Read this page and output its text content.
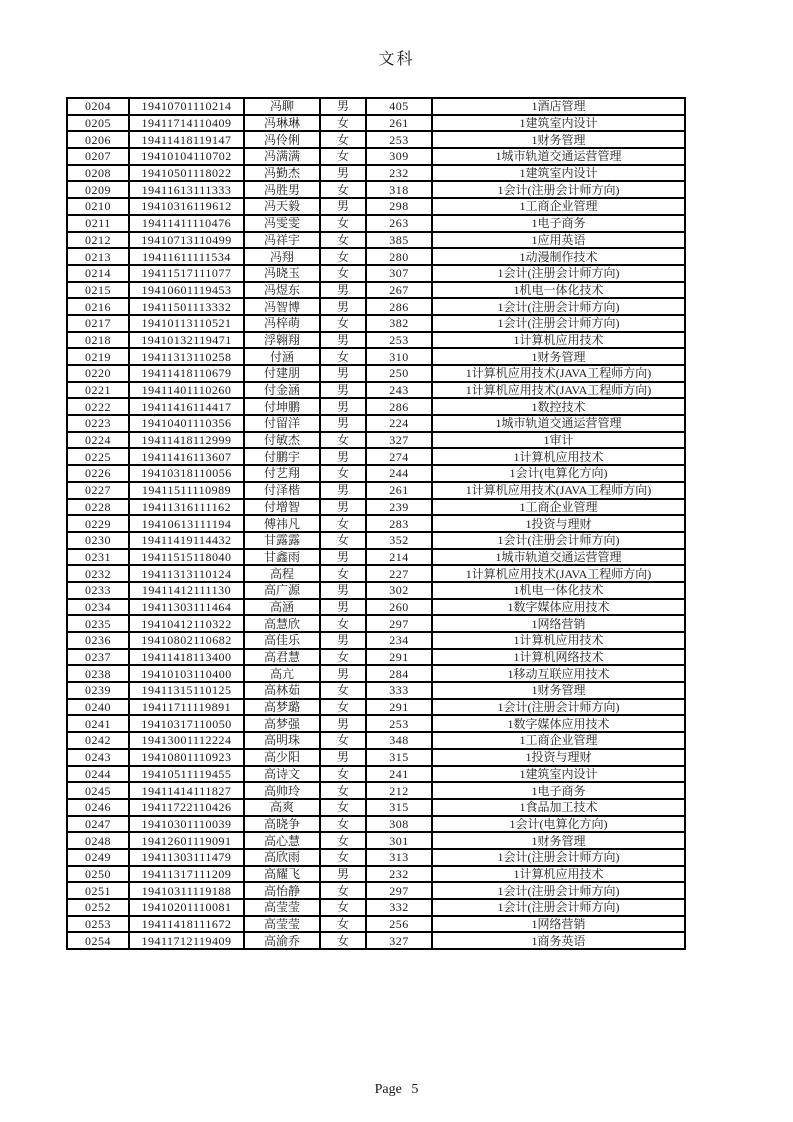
文科
0204	19410701110214	冯聊	男	405	1酒店管理
0205	19411714110409	冯琳琳	女	261	1建筑室内设计
0206	19411418119147	冯伶俐	女	253	1财务管理
0207	19410104110702	冯满满	女	309	1城市轨道交通运营管理
0208	19410501118022	冯勤杰	男	232	1建筑室内设计
0209	19411613111333	冯胜男	女	318	1会计(注册会计师方向)
0210	19410316119612	冯天毅	男	298	1工商企业管理
0211	19411411110476	冯雯雯	女	263	1电子商务
0212	19410713110499	冯祥宇	女	385	1应用英语
0213	19411611111534	冯翔	女	280	1动漫制作技术
0214	19411517111077	冯晓玉	女	307	1会计(注册会计师方向)
0215	19410601119453	冯煜东	男	267	1机电一体化技术
0216	19411501113332	冯智博	男	286	1会计(注册会计师方向)
0217	19410113110521	冯梓萌	女	382	1会计(注册会计师方向)
0218	19410132119471	浮翱翔	男	253	1计算机应用技术
0219	19411313110258	付涵	女	310	1财务管理
0220	19411418110679	付建朋	男	250	1计算机应用技术(JAVA工程师方向)
0221	19411401110260	付金涵	男	243	1计算机应用技术(JAVA工程师方向)
0222	19411416114417	付坤鹏	男	286	1数控技术
0223	19410401110356	付留洋	男	224	1城市轨道交通运营管理
0224	19411418112999	付敏杰	女	327	1审计
0225	19411416113607	付鹏宇	男	274	1计算机应用技术
0226	19410318110056	付艺翔	女	244	1会计(电算化方向)
0227	19411511110989	付泽楷	男	261	1计算机应用技术(JAVA工程师方向)
0228	19411316111162	付增智	男	239	1工商企业管理
0229	19410613111194	傅祎凡	女	283	1投资与理财
0230	19411419114432	甘露露	女	352	1会计(注册会计师方向)
0231	19411515118040	甘鑫雨	男	214	1城市轨道交通运营管理
0232	19411313110124	高程	女	227	1计算机应用技术(JAVA工程师方向)
0233	19411412111130	高广源	男	302	1机电一体化技术
0234	19411303111464	高涵	男	260	1数字媒体应用技术
0235	19410412110322	高慧欣	女	297	1网络营销
0236	19410802110682	高佳乐	男	234	1计算机应用技术
0237	19411418113400	高君慧	女	291	1计算机网络技术
0238	19410103110400	高亢	男	284	1移动互联应用技术
0239	19411315110125	高林茹	女	333	1财务管理
0240	19411711119891	高梦璐	女	291	1会计(注册会计师方向)
0241	19410317110050	高梦强	男	253	1数字媒体应用技术
0242	19413001112224	高明珠	女	348	1工商企业管理
0243	19410801110923	高少阳	男	315	1投资与理财
0244	19410511119455	高诗文	女	241	1建筑室内设计
0245	19411414111827	高帅玲	女	212	1电子商务
0246	19411722110426	高爽	女	315	1食品加工技术
0247	19410301110039	高晓争	女	308	1会计(电算化方向)
0248	19412601119091	高心慧	女	301	1财务管理
0249	19411303111479	高欣雨	女	313	1会计(注册会计师方向)
0250	19411317111209	高耀飞	男	232	1计算机应用技术
0251	19410311119188	高怡静	女	297	1会计(注册会计师方向)
0252	19410201110081	高莹莹	女	332	1会计(注册会计师方向)
0253	19411418111672	高莹莹	女	256	1网络营销
0254	19411712119409	高渝乔	女	327	1商务英语
Page 5
